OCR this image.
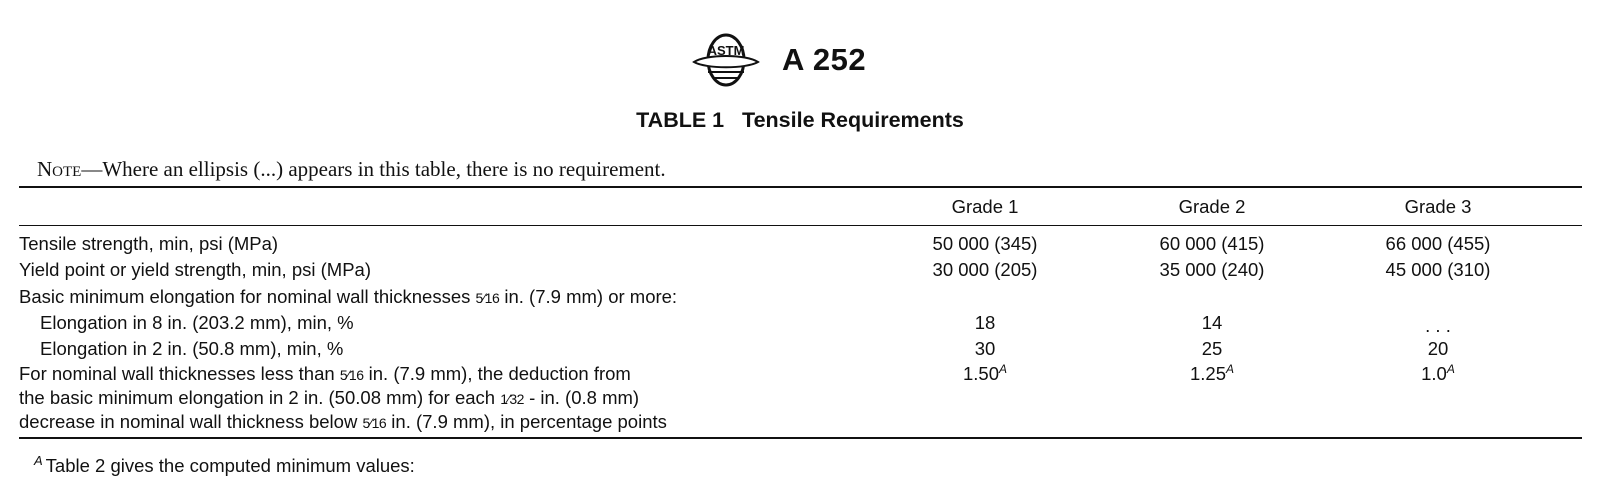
ASTM A 252
TABLE 1   Tensile Requirements
Note—Where an ellipsis (...) appears in this table, there is no requirement.
Grade 1	Grade 2	Grade 3
Tensile strength, min, psi (MPa)	50 000 (345)	60 000 (415)	66 000 (455)
Yield point or yield strength, min, psi (MPa)	30 000 (205)	35 000 (240)	45 000 (310)
Basic minimum elongation for nominal wall thicknesses 5⁄16 in. (7.9 mm) or more:
Elongation in 8 in. (203.2 mm), min, %	18	14	. . .
Elongation in 2 in. (50.8 mm), min, %	30	25	20
For nominal wall thicknesses less than 5⁄16 in. (7.9 mm), the deduction from
the basic minimum elongation in 2 in. (50.08 mm) for each 1⁄32 - in. (0.8 mm)
decrease in nominal wall thickness below 5⁄16 in. (7.9 mm), in percentage points
$1.50^A$	$1.25^A$	$1.0^A$
$^A$ Table 2 gives the computed minimum values:
